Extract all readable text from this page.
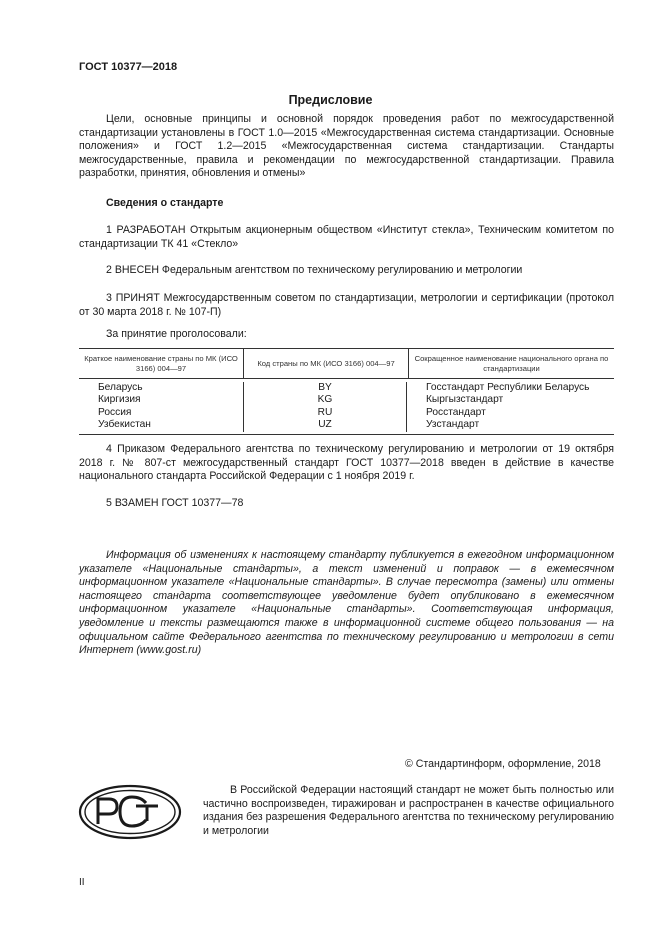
ГОСТ 10377—2018
Предисловие
Цели, основные принципы и основной порядок проведения работ по межгосударственной стандартизации установлены в ГОСТ 1.0—2015 «Межгосударственная система стандартизации. Основные положения» и ГОСТ 1.2—2015 «Межгосударственная система стандартизации. Стандарты межгосударственные, правила и рекомендации по межгосударственной стандартизации. Правила разработки, принятия, обновления и отмены»
Сведения о стандарте
1 РАЗРАБОТАН Открытым акционерным обществом «Институт стекла», Техническим комитетом по стандартизации ТК 41 «Стекло»
2 ВНЕСЕН Федеральным агентством по техническому регулированию и метрологии
3 ПРИНЯТ Межгосударственным советом по стандартизации, метрологии и сертификации (протокол от 30 марта 2018 г. № 107-П)
За принятие проголосовали:
Краткое наименование страны по МК (ИСО 3166) 004—97
Код страны по МК (ИСО 3166) 004—97
Сокращенное наименование национального органа по стандартизации
Беларусь
Киргизия
Россия
Узбекистан
BY
KG
RU
UZ
Госстандарт Республики Беларусь
Кыргызстандарт
Росстандарт
Узстандарт
4 Приказом Федерального агентства по техническому регулированию и метрологии от 19 октября 2018 г. № 807-ст межгосударственный стандарт ГОСТ 10377—2018 введен в действие в качестве национального стандарта Российской Федерации с 1 ноября 2019 г.
5 ВЗАМЕН ГОСТ 10377—78
Информация об изменениях к настоящему стандарту публикуется в ежегодном информационном указателе «Национальные стандарты», а текст изменений и поправок — в ежемесячном информационном указателе «Национальные стандарты». В случае пересмотра (замены) или отмены настоящего стандарта соответствующее уведомление будет опубликовано в ежемесячном информационном указателе «Национальные стандарты». Соответствующая информация, уведомление и тексты размещаются также в информационной системе общего пользования — на официальном сайте Федерального агентства по техническому регулированию и метрологии в сети Интернет (www.gost.ru)
© Стандартинформ, оформление, 2018
В Российской Федерации настоящий стандарт не может быть полностью или частично воспроизведен, тиражирован и распространен в качестве официального издания без разрешения Федерального агентства по техническому регулированию и метрологии
II
